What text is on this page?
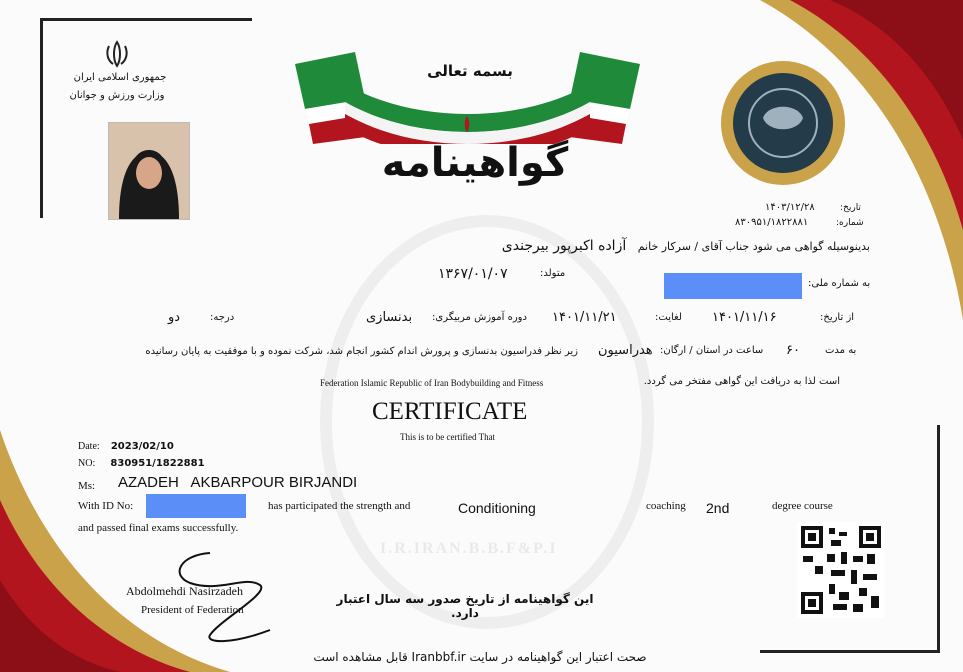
I.R.IRAN.B.B.F&P.I
جمهوری اسلامی ایران
وزارت ورزش و جوانان
بسمه تعالی
گواهینامه
تاریخ:
۱۴۰۳/۱۲/۲۸
شماره:
۸۳۰۹۵۱/۱۸۲۲۸۸۱
بدینوسیله گواهی می شود جناب آقای / سرکار خانم آزاده اکبرپور بیرجندی
متولد:
۱۳۶۷/۰۱/۰۷
به شماره ملی:
از تاریخ:
۱۴۰۱/۱۱/۱۶
لغایت:
۱۴۰۱/۱۱/۲۱
دوره آموزش مربیگری:
بدنسازی
درجه:
دو
به مدت
۶۰
ساعت در استان / ارگان:
هدراسیون
زیر نظر فدراسیون بدنسازی و پرورش اندام کشور انجام شد، شرکت نموده و با موفقیت به پایان رسانیده
است لذا به دریافت این گواهی مفتخر می گردد.
Federation Islamic Republic of Iran Bodybuilding and Fitness
CERTIFICATE
This is to be certified That
Date: 2023/02/10
NO: 830951/1822881
Ms: AZADEH   AKBARPOUR BIRJANDI
With ID No:	has participated the strength and	Conditioning	coaching 2nd	degree course
and passed final exams successfully.
Abdolmehdi Nasirzadeh
President of Federation
این گواهینامه از تاریخ صدور سه سال اعتبار دارد.
صحت اعتبار این گواهینامه در سایت Iranbbf.ir قابل مشاهده است
